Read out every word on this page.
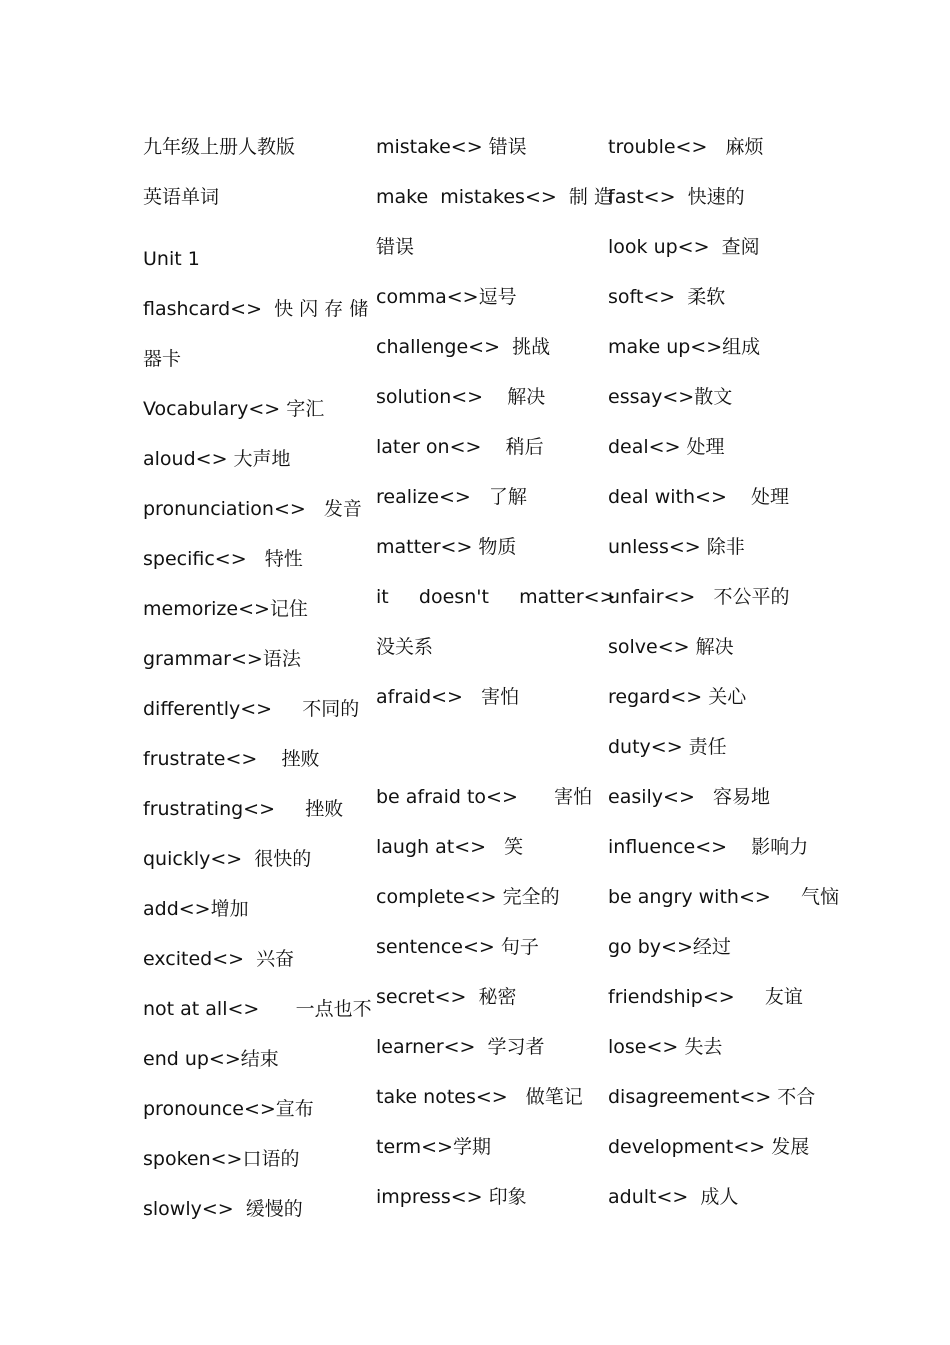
九年级上册人教版
英语单词
Unit 1
flashcard<>  快 闪 存 储
器卡
Vocabulary<> 字汇
aloud<> 大声地
pronunciation<>   发音
specific<>   特性
memorize<>记住
grammar<>语法
differently<>     不同的
frustrate<>    挫败
frustrating<>     挫败
quickly<>  很快的
add<>增加
excited<>  兴奋
not at all<>      一点也不
end up<>结束
pronounce<>宣布
spoken<>口语的
slowly<>  缓慢的
mistake<> 错误
make  mistakes<>  制 造
错误
comma<>逗号
challenge<>  挑战
solution<>    解决
later on<>    稍后
realize<>   了解
matter<> 物质
it     doesn't     matter<>
没关系
afraid<>   害怕
be afraid to<>      害怕
laugh at<>   笑
complete<> 完全的
sentence<> 句子
secret<>  秘密
learner<>  学习者
take notes<>   做笔记
term<>学期
impress<> 印象
trouble<>   麻烦
fast<>  快速的
look up<>  查阅
soft<>  柔软
make up<>组成
essay<>散文
deal<> 处理
deal with<>    处理
unless<> 除非
unfair<>   不公平的
solve<> 解决
regard<> 关心
duty<> 责任
easily<>   容易地
influence<>    影响力
be angry with<>     气恼
go by<>经过
friendship<>     友谊
lose<> 失去
disagreement<> 不合
development<> 发展
adult<>  成人
